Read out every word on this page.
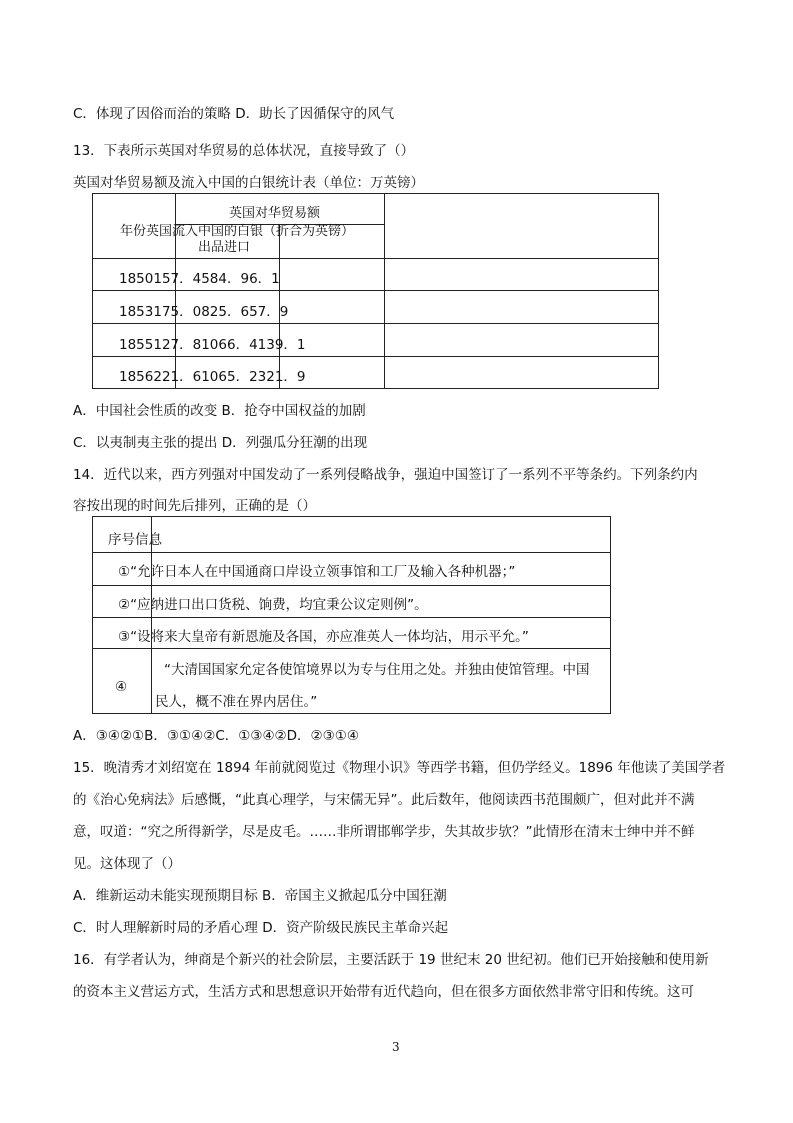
C．体现了因俗而治的策略 D．助长了因循保守的风气
13．下表所示英国对华贸易的总体状况，直接导致了（）
英国对华贸易额及流入中国的白银统计表（单位：万英镑）
英国对华贸易额
年份英国流入中国的白银（折合为英镑）
出品进口
1850157．4584．96．1
1853175．0825．657．9
1855127．81066．4139．1
1856221．61065．2321．9
A．中国社会性质的改变 B．抢夺中国权益的加剧
C．以夷制夷主张的提出 D．列强瓜分狂潮的出现
14．近代以来，西方列强对中国发动了一系列侵略战争，强迫中国签订了一系列不平等条约。下列条约内
容按出现的时间先后排列，正确的是（）
序号信息
①“允许日本人在中国通商口岸设立领事馆和工厂及输入各种机器；”
②“应纳进口出口货税、饷费，均宜秉公议定则例”。
③“设将来大皇帝有新恩施及各国，亦应准英人一体均沾，用示平允。”
④
“大清国国家允定各使馆境界以为专与住用之处。并独由使馆管理。中国
民人，概不准在界内居住。”
A．③④②①B．③①④②C．①③④②D．②③①④
15．晚清秀才刘绍宽在 1894 年前就阅览过《物理小识》等西学书籍，但仍学经义。1896 年他读了美国学者
的《治心免病法》后感慨，“此真心理学，与宋儒无异”。此后数年，他阅读西书范围颇广，但对此并不满
意，叹道：“究之所得新学，尽是皮毛。……非所谓邯郸学步，失其故步欤？”此情形在清末士绅中并不鲜
见。这体现了（）
A．维新运动未能实现预期目标 B．帝国主义掀起瓜分中国狂潮
C．时人理解新时局的矛盾心理 D．资产阶级民族民主革命兴起
16．有学者认为，绅商是个新兴的社会阶层，主要活跃于 19 世纪末 20 世纪初。他们已开始接触和使用新
的资本主义营运方式，生活方式和思想意识开始带有近代趋向，但在很多方面依然非常守旧和传统。这可
3
